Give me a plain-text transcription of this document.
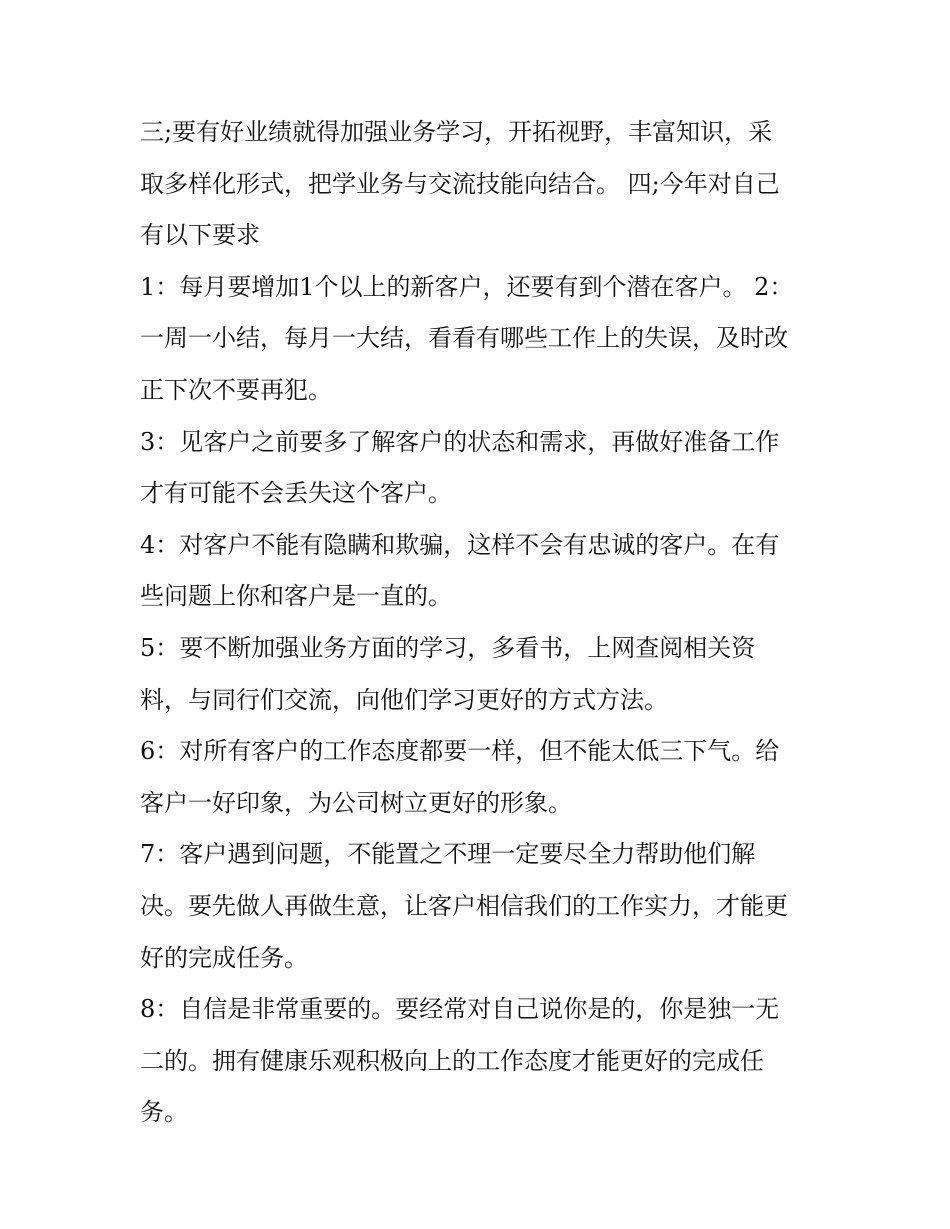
三;要有好业绩就得加强业务学习，开拓视野，丰富知识，采
取多样化形式，把学业务与交流技能向结合。 四;今年对自己
有以下要求
1：每月要增加1个以上的新客户，还要有到个潜在客户。 2：
一周一小结，每月一大结，看看有哪些工作上的失误，及时改
正下次不要再犯。
3：见客户之前要多了解客户的状态和需求，再做好准备工作
才有可能不会丢失这个客户。
4：对客户不能有隐瞒和欺骗，这样不会有忠诚的客户。在有
些问题上你和客户是一直的。
5：要不断加强业务方面的学习，多看书，上网查阅相关资
料，与同行们交流，向他们学习更好的方式方法。
6：对所有客户的工作态度都要一样，但不能太低三下气。给
客户一好印象，为公司树立更好的形象。
7：客户遇到问题，不能置之不理一定要尽全力帮助他们解
决。要先做人再做生意，让客户相信我们的工作实力，才能更
好的完成任务。
8：自信是非常重要的。要经常对自己说你是的，你是独一无
二的。拥有健康乐观积极向上的工作态度才能更好的完成任
务。
